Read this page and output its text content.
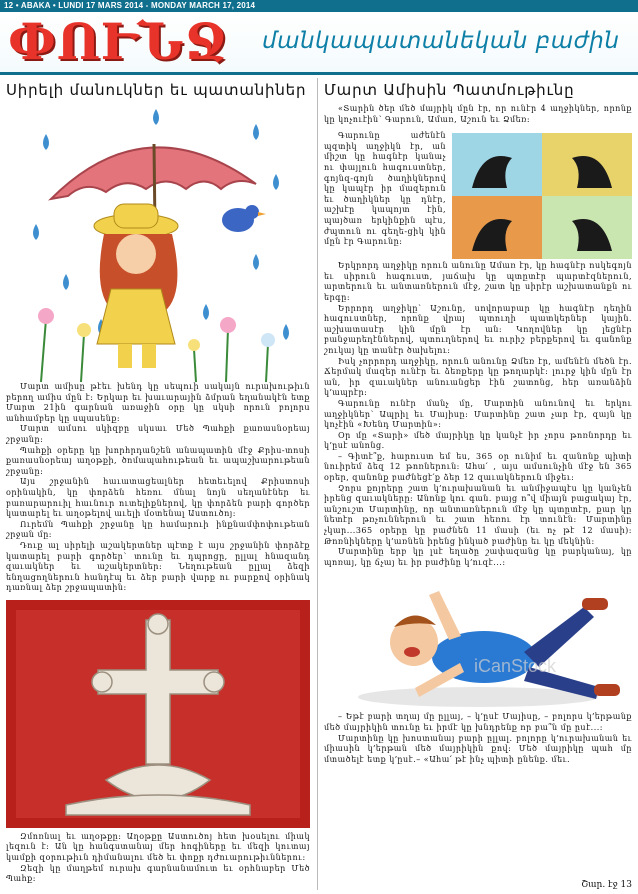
12 • ABAKA • LUNDI 17 MARS 2014 - MONDAY MARCH 17, 2014
ՓՈՒՆՋ մանկապատանեկան բաժին
Սիրելի մանուկներ եւ պատանիներ

Մարտ ամիսը թէեւ խենդ կը սեպուի սակայն ուրախութիւն բերող ամիս մըն է: Երկար եւ խաւարային ձմրան եղանակէն ետք Մարտ 21ին գարնան առաջին օրը կը սկսի որուն բոլորս անհամբեր կը սպասենք:

Մարտ ամսու սկիզբը սկսաւ Մեծ Պահքի քառասնօրեայ շրջանը:

Պահքի օրերը կը խորհրդանշեն անապատին մէջ Քրիս-տոսի քառասնօրեայ աղօթքի, ծոմապահութեան եւ ապաշխարութեան շրջանը:

Այս շրջանին հաւատացեալներ հետեւելով Քրիստոսի օրինակին, կը փորձեն հեռու մնալ նոյն սեղանէներ եւ բառարարուիլ հաւնուր ուտելիքներով, կը փորձեն բարի գործեր կատարել եւ աղօթելով աւելի մօտենալ Աստուծոյ:

Ուրեմն Պահքի շրջանը կը համարուի ինքնամփոփութեան շրջան մը:

Դուք ալ սիրելի աշակերտներ պէտք է այս շրջանին փորձէք կատարել բարի գործեր՝ տունը եւ դպրոցը, ըլլալ հնազանդ զաւակներ եւ աշակերտներ: Նեղութեան ըլլալ ձեզի ենղացողներուն հանդէպ եւ ձեր բարի վարք ու բարքով օրինակ դառնալ ձեր շրջապատին:

Զմոռնալ եւ աղօթքը: Աղօթքը Աստուծոյ հետ խօսելու միակ լեզուն է: Ան կը հանգստանայ մեր հոգիները եւ մեզի կուտայ կամքի զօրութիւն դիմանալու մեծ եւ փոքր դժուարութիւններու:

Զեզի կը մաղթեմ ուրախ գարնանամուտ եւ օրհնաբեր Մեծ Պահք:

Մարտ Ամիսին Պատմութիւնը

«Տարին ծեր մեծ մայրիկ մըն էր, որ ունէր 4 աղջիկներ, որոնք կը կոչուէին՝ Գարուն, Ամառ, Աշուն եւ Ձմեռ:

Գարունը աժենէն պզտիկ աղջիկն էր, ան միշտ կը հագնէր կանաչ ու փայլուն հագուստներ, գոյնզ-գոյն ծաղիկներով կը կապէր իր մազերուն եւ ծաղիկներ կը դնէր, աշխէը կապոյտ էին, պայծառ երկինքին պէս, ժպտուն ու գեղե-ցիկ կին մըն էր Գարունը:

Երկրորդ աղջիկը որուն անունը Ամառ էր, կը հագնէր ոսկեգոյն եւ սիրուն հագուստ, յաճախ կը պտըտէր պարտէզներուն, արտերուն եւ անտառներուն մէջ, շատ կը սիրէր աշխատանքն ու երգը:

Երրորդ աղջիկը՝ Աշունը, սովորաբար կը հագնէր դեղին հագուստներ, որոնք վրայ պտուղի պատկերներ կային. աշխատասէր կին մըն էր ան: Կողովներ կը լեցնէր բանջարեղէններով, պտուղներով եւ ուրիշ բերքերով եւ գանոնք շուկայ կը տանէր ծախելու:

Իսկ չորրորդ աղջիկը, որուն անունը Ձմեռ էր, ամենէն մեծն էր. Ճերմակ մազեր ունէր եւ ձեռքերը կը թողարկէ: լուրջ կին մըն էր ան, իր զաւակներ անուանցեր էին շատոնց, հեր առանձին կ՚ապրէր:

Գարունը ունէր մանչ մը, Մարտին անունով եւ երկու աղջիկներ՝ Ապրիլ եւ Մայիսը: Մարտինը շատ չար էր, զայն կը կոչէին «Խենդ Մարտին»:

Օր մը «Տարի» մեծ մայրիկը կը կանչէ իր չորս թոռնորդը եւ կ՚ըսէ անոնց.

– Գիտէ՞ք, հարուստ եմ ես, 365 օր ունիմ եւ զանոնք պիտի նուիրեմ ձեզ 12 թոռներուն: Ահա՛ , այս ամսունչին մէջ են 365 օրեր, զանոնք բաժնեցէ՛ք ձեր 12 զաւակներուն միջեւ:

Չորս քոյրերը շատ կ՚ուրախանան եւ անմիջապէս կը կանչեն իրենց զաւակները: Անոնք կու գան. բայց ո՞վ միայն բացակայ էր, անշուշտ Մարտինը, որ անտառներուն մէջ կը պտըտէր, քար կը նետէր թռչուններուն եւ շատ հեռու էր տունէն: Մարտինը չկար...365 օրերը կը բաժնեն 11 մասի (եւ ոչ թէ 12 մասի): Թոռնիկները կ՚առնեն իրենց ինկած բաժինը եւ կը մեկնին:

Մարտինը երբ կը լսէ եղածը շափազանց կը բարկանայ, կը պոռայ, կը ճչայ եւ իր բաժինը կ՚ուզէ...:

iCanStock

– Եթէ բարի տղայ մը ըլլայ, – կ՚ըսէ Մայիսը, – բոլորս կ՚երթանք մեծ մայրիկին տունը եւ իրմէ կը խնդրենք որ բա՞ն մը ըսէ...:

Մարտինը կը խոստանայ բարի ըլլալ. բոլորը կ՚ուրախանան եւ միասին կ՚երթան մեծ մայրիկին քով: Մեծ մայրիկը պահ մը մտածելէ ետք կ՚ըսէ.– «Ահա՛ թէ ինչ պիտի ընենք. մեւ․

Շար. էջ 13
